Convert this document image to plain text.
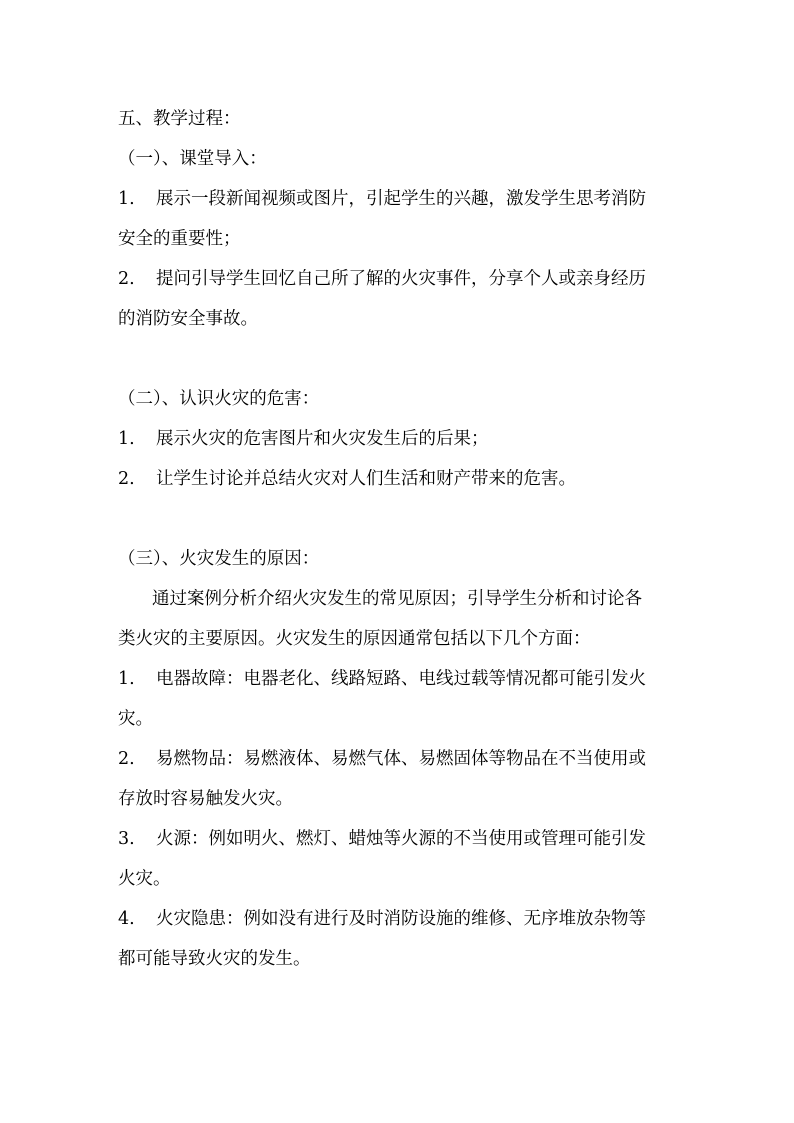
五、教学过程：
（一）、课堂导入：
1. 展示一段新闻视频或图片，引起学生的兴趣，激发学生思考消防
安全的重要性；
2. 提问引导学生回忆自己所了解的火灾事件，分享个人或亲身经历
的消防安全事故。
（二）、认识火灾的危害：
1. 展示火灾的危害图片和火灾发生后的后果；
2. 让学生讨论并总结火灾对人们生活和财产带来的危害。
（三）、火灾发生的原因：
通过案例分析介绍火灾发生的常见原因；引导学生分析和讨论各
类火灾的主要原因。火灾发生的原因通常包括以下几个方面：
1. 电器故障：电器老化、线路短路、电线过载等情况都可能引发火
灾。
2. 易燃物品：易燃液体、易燃气体、易燃固体等物品在不当使用或
存放时容易触发火灾。
3. 火源：例如明火、燃灯、蜡烛等火源的不当使用或管理可能引发
火灾。
4. 火灾隐患：例如没有进行及时消防设施的维修、无序堆放杂物等
都可能导致火灾的发生。
